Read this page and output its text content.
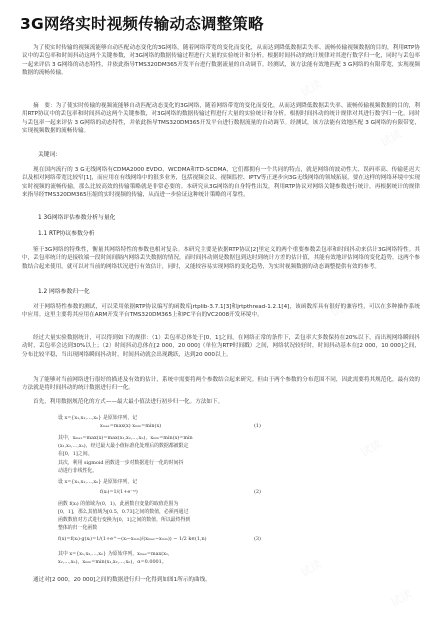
3G网络实时视频传输动态调整策略

为了使实时传输的视频流能够自动匹配动态变化的3G网络，随着网络带宽的变化而变化，从而达到降低数据丢失率、流畅传输视频数据的目的，利用RTP协议中的丢包率和时间抖动这两个关键参数，对3G网络的数据传输过程进行大量的实验统计和分析。根据时间抖动的统计规律对其进行数学归一化，同时与丢包率一起来评估 3 G网络的动态特性，并依此指导TMS320DM365开发平台进行数据流量的自动调节。经测试，该方法能有效地匹配 3 G网络的有限带宽，实现视频数据的流畅传输。

摘　要：为了使实时传输的视频流能够自动匹配动态变化的3G网络，随着网络带宽的变化而变化，从而达到降低数据丢失率、流畅传输视频数据的目的，利用RTP协议中的丢包率和时间抖动这两个关键参数，对3G网络的数据传输过程进行大量的实验统计和分析。根据时间抖动的统计规律对其进行数学归一化，同时与丢包率一起来评估 3 G网络的动态特性，并依此指导TMS320DM365开发平台进行数据流量的自动调节。经测试，该方法能有效地匹配 3 G网络的有限带宽，实现视频数据的流畅传输。

关键词：

现在国内流行的 3 G无线网络有CDMA2000 EVDO、WCDMA和TD-SCDMA，它们都拥有一个共同的特点，就是网络的波动性大、误码率高、传输延迟大以及相对网络带宽比较窄[1]，而应用在有线网络中的很多业务，包括视频会议、视频监控、IPTV等正逐步向3G无线网络的领域拓展，要在这样的网络环境中实现实时视频的流畅传输，那么比较高效的传输策略就是非常必要的。本研究从3G网络的自身特性出发，利用RTP协议对网络关键参数进行统计，再根据统计的规律来指导经TMS320DM365压缩的实时视频的传输，从而进一步验证这种统计策略的可靠性。

1 3G网络评估参数分析与量化

1.1 RTP协议参数分析

鉴于3G网络的特殊性，衡量其网络特性的参数也相对复杂。本研究主要是依据RTP协议[2]里定义的两个重要参数丢包率和时间抖动来估计3G网络特性。其中，丢包率统计的是接收端一段时间间隔内网络丢失数据的情况，而时间抖动则是数据包到达时到统计方差的估计值，其能有效地评估网络的变化趋势。这两个参数结合起来使用，就可以对当前的网络状况进行有效估计，同时，又能较容易实现网络的变化趋势，为实时视频数据的动态调整提供有效的参考。

1.2 网络参数归一化

对于网络特性参数的测试，可以采用依据RTP协议编写的函数库jrtplib-3.7.1[3]和jrtpthread-1.2.1[4]，该函数库具有很好的兼容性，可以在多种操作系统中应用。这里主要将其应用在ARM开发平台TMS320DM365上和PC平台的VC2008开发环境中。

经过大量实验数据统计，可以得到如下的规律：（1）丢包率总体处于[0，1]之间，在网络正常的条件下，丢包率大多数保持在20%以下，而出现网络瞬间抖动时，丢包率会达到30%以上；（2）时间抖动总体在[2 000，20 000]（单位为RTP时间戳）之间，网络状况较好时，时间抖动基本在[2 000，10 000]之间，分布比较平稳，当出现网络瞬间抖动时，时间抖动就会出现跳跃，达到20 000以上。

为了能够对当前网络进行很好的描述及有效的估计，系统中需要将两个参数结合起来研究。但由于两个参数的分布范围不同，因此需要将其规范化，最有效的方法就是将时间抖动的统计数据进行归一化。

首先，利用数据规范化的方式——最大最小值法进行初步归一化。方法如下。

设 x={x₁,x₂,…,xₙ} 是原始序列，记
xₘₐₓ=max(x) xₘᵢₙ=min(x)
其中，xₘₐₓ=max(x)=max(x₁,x₂,…,xₙ)，xₘᵢₙ=min(x)=min
(x₁,x₂,…,xₙ)，经过最大最小值标准化处理后的数据都被限定
在[0，1]之间。
其次，利用 sigmoid 函数进一步对数据进行一化的时间抖
动进行非线性化。
设 x={x₁,x₂,…,xₙ} 是原始序列，记
f(xᵢ)=1/(1+e⁻ˣⁱ)
函数 f(xᵢ) 的值域为(0，1)，此函数自变量的取值范围为
[0，1]，那么其值域为[0.5，0.73]之间的数值，必须再通过
函数数值对方式进行变换为[0，1]之间的数值，所以最终得到
整体的归一化函数
f(x)=f(xᵢ)·g(xᵢ)=1/(1+e^−(xᵢ−xₘᵢₙ)/(xₘₐₓ−xₘᵢₙ)) − 1/2 k∈(1,n)
其中 x={x₁,x₂,…,xₙ} 为原始序列，xₘₐₓ=max(x₁,
x₂,…,xₙ)，xₘᵢₙ=min(x₁,x₂,…,xₙ)，α=0.0001。
(1)
(2)
(3)

通过对[2 000，20 000]之间的数据进行归一化得到如图1所示的曲线。

试读
试读
试读
试读
试读
试读
